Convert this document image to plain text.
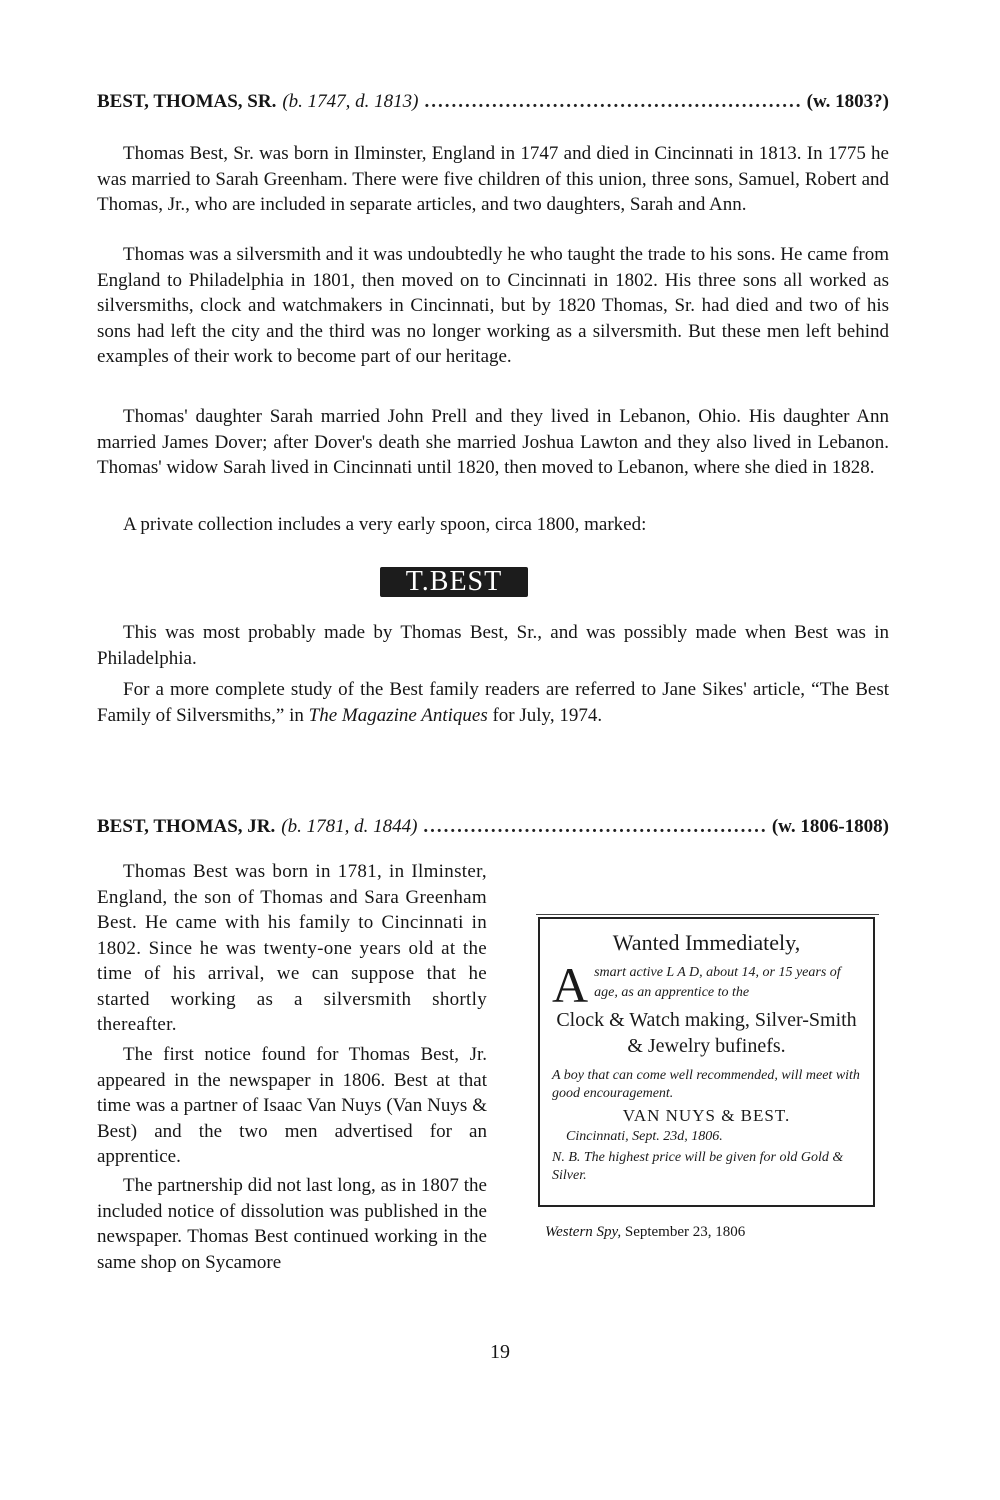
BEST, THOMAS, SR. (b. 1747, d. 1813) .....	(w. 1803?)

Thomas Best, Sr. was born in Ilminster, England in 1747 and died in Cincinnati in 1813. In 1775 he was married to Sarah Greenham. There were five children of this union, three sons, Samuel, Robert and Thomas, Jr., who are included in separate articles, and two daughters, Sarah and Ann.

Thomas was a silversmith and it was undoubtedly he who taught the trade to his sons. He came from England to Philadelphia in 1801, then moved on to Cincinnati in 1802. His three sons all worked as silversmiths, clock and watchmakers in Cincinnati, but by 1820 Thomas, Sr. had died and two of his sons had left the city and the third was no longer working as a silversmith. But these men left behind examples of their work to become part of our heritage.

Thomas' daughter Sarah married John Prell and they lived in Lebanon, Ohio. His daughter Ann married James Dover; after Dover's death she married Joshua Lawton and they also lived in Lebanon. Thomas' widow Sarah lived in Cincinnati until 1820, then moved to Lebanon, where she died in 1828.

A private collection includes a very early spoon, circa 1800, marked:

T.BEST

This was most probably made by Thomas Best, Sr., and was possibly made when Best was in Philadelphia.

For a more complete study of the Best family readers are referred to Jane Sikes' article, “The Best Family of Silversmiths,” in The Magazine Antiques for July, 1974.

BEST, THOMAS, JR. (b. 1781, d. 1844) .....	(w. 1806-1808)

Thomas Best was born in 1781, in Ilminster, England, the son of Thomas and Sara Greenham Best. He came with his family to Cincinnati in 1802. Since he was twenty-one years old at the time of his arrival, we can suppose that he started working as a silversmith shortly thereafter.

The first notice found for Thomas Best, Jr. appeared in the newspaper in 1806. Best at that time was a partner of Isaac Van Nuys (Van Nuys & Best) and the two men advertised for an apprentice.

The partnership did not last long, as in 1807 the included notice of dissolution was published in the newspaper. Thomas Best continued working in the same shop on Sycamore

Wanted Immediately,
A smart active L A D, about 14, or 15 years of age, as an apprentice to the
Clock & Watch making, Silver-Smith & Jewelry bufinefs.
A boy that can come well recommended, will meet with good encouragement.
VAN NUYS & BEST.
Cincinnati, Sept. 23d, 1806.
N. B. The highest price will be given for old Gold & Silver.
Western Spy, September 23, 1806
19
